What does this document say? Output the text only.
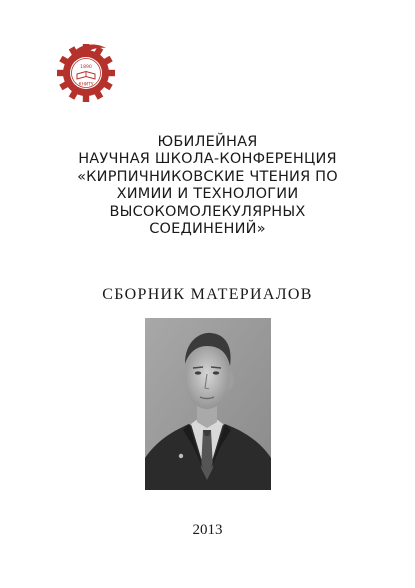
1890
КНИТУ
ЮБИЛЕЙНАЯ
НАУЧНАЯ ШКОЛА-КОНФЕРЕНЦИЯ
«КИРПИЧНИКОВСКИЕ ЧТЕНИЯ ПО
ХИМИИ И ТЕХНОЛОГИИ
ВЫСОКОМОЛЕКУЛЯРНЫХ
СОЕДИНЕНИЙ»
СБОРНИК МАТЕРИАЛОВ
2013
